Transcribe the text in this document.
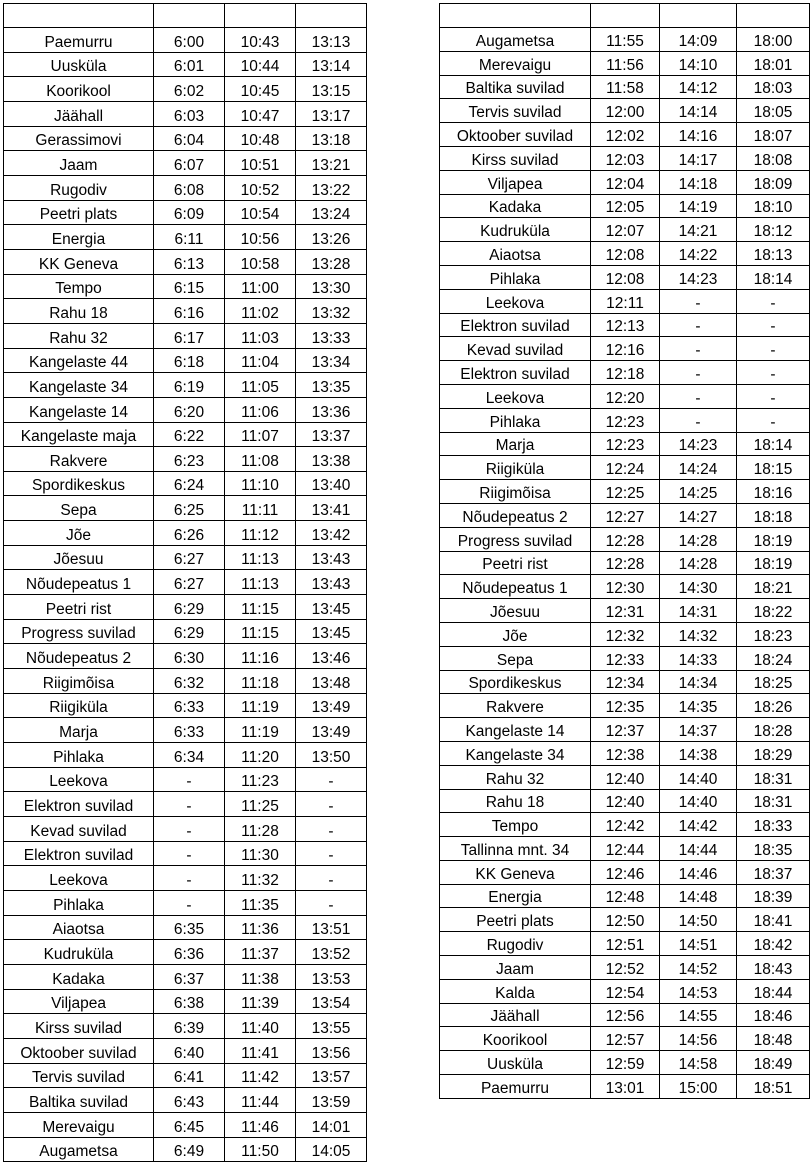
Paemurru	6:00	10:43	13:13
Uusküla	6:01	10:44	13:14
Koorikool	6:02	10:45	13:15
Jäähall	6:03	10:47	13:17
Gerassimovi	6:04	10:48	13:18
Jaam	6:07	10:51	13:21
Rugodiv	6:08	10:52	13:22
Peetri plats	6:09	10:54	13:24
Energia	6:11	10:56	13:26
KK Geneva	6:13	10:58	13:28
Tempo	6:15	11:00	13:30
Rahu 18	6:16	11:02	13:32
Rahu 32	6:17	11:03	13:33
Kangelaste 44	6:18	11:04	13:34
Kangelaste 34	6:19	11:05	13:35
Kangelaste 14	6:20	11:06	13:36
Kangelaste maja	6:22	11:07	13:37
Rakvere	6:23	11:08	13:38
Spordikeskus	6:24	11:10	13:40
Sepa	6:25	11:11	13:41
Jõe	6:26	11:12	13:42
Jõesuu	6:27	11:13	13:43
Nõudepeatus 1	6:27	11:13	13:43
Peetri rist	6:29	11:15	13:45
Progress suvilad	6:29	11:15	13:45
Nõudepeatus 2	6:30	11:16	13:46
Riigimõisa	6:32	11:18	13:48
Riigiküla	6:33	11:19	13:49
Marja	6:33	11:19	13:49
Pihlaka	6:34	11:20	13:50
Leekova	-	11:23	-
Elektron suvilad	-	11:25	-
Kevad suvilad	-	11:28	-
Elektron suvilad	-	11:30	-
Leekova	-	11:32	-
Pihlaka	-	11:35	-
Aiaotsa	6:35	11:36	13:51
Kudruküla	6:36	11:37	13:52
Kadaka	6:37	11:38	13:53
Viljapea	6:38	11:39	13:54
Kirss suvilad	6:39	11:40	13:55
Oktoober suvilad	6:40	11:41	13:56
Tervis suvilad	6:41	11:42	13:57
Baltika suvilad	6:43	11:44	13:59
Merevaigu	6:45	11:46	14:01
Augametsa	6:49	11:50	14:05

Augametsa	11:55	14:09	18:00
Merevaigu	11:56	14:10	18:01
Baltika suvilad	11:58	14:12	18:03
Tervis suvilad	12:00	14:14	18:05
Oktoober suvilad	12:02	14:16	18:07
Kirss suvilad	12:03	14:17	18:08
Viljapea	12:04	14:18	18:09
Kadaka	12:05	14:19	18:10
Kudruküla	12:07	14:21	18:12
Aiaotsa	12:08	14:22	18:13
Pihlaka	12:08	14:23	18:14
Leekova	12:11	-	-
Elektron suvilad	12:13	-	-
Kevad suvilad	12:16	-	-
Elektron suvilad	12:18	-	-
Leekova	12:20	-	-
Pihlaka	12:23	-	-
Marja	12:23	14:23	18:14
Riigiküla	12:24	14:24	18:15
Riigimõisa	12:25	14:25	18:16
Nõudepeatus 2	12:27	14:27	18:18
Progress suvilad	12:28	14:28	18:19
Peetri rist	12:28	14:28	18:19
Nõudepeatus 1	12:30	14:30	18:21
Jõesuu	12:31	14:31	18:22
Jõe	12:32	14:32	18:23
Sepa	12:33	14:33	18:24
Spordikeskus	12:34	14:34	18:25
Rakvere	12:35	14:35	18:26
Kangelaste 14	12:37	14:37	18:28
Kangelaste 34	12:38	14:38	18:29
Rahu 32	12:40	14:40	18:31
Rahu 18	12:40	14:40	18:31
Tempo	12:42	14:42	18:33
Tallinna mnt. 34	12:44	14:44	18:35
KK Geneva	12:46	14:46	18:37
Energia	12:48	14:48	18:39
Peetri plats	12:50	14:50	18:41
Rugodiv	12:51	14:51	18:42
Jaam	12:52	14:52	18:43
Kalda	12:54	14:53	18:44
Jäähall	12:56	14:55	18:46
Koorikool	12:57	14:56	18:48
Uusküla	12:59	14:58	18:49
Paemurru	13:01	15:00	18:51
